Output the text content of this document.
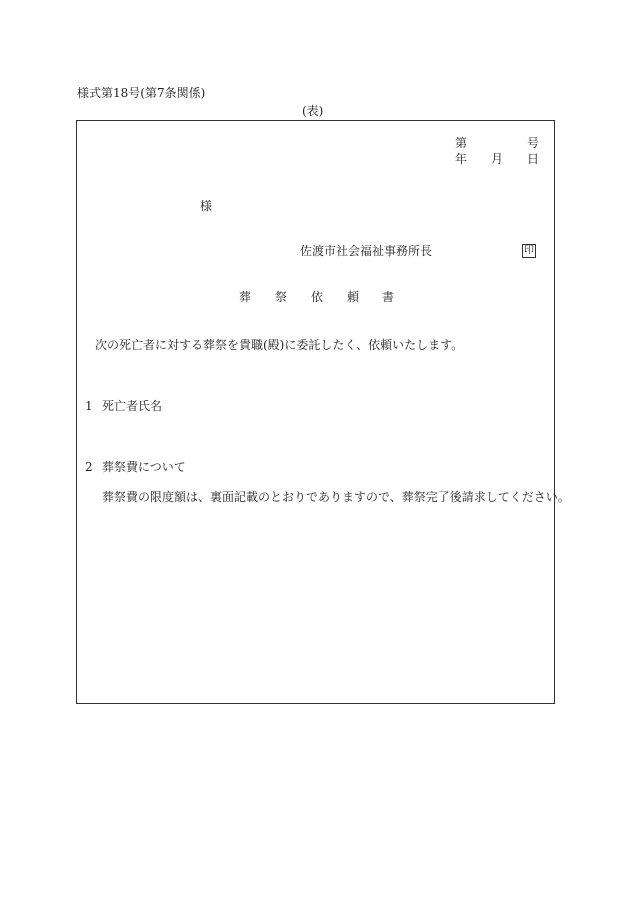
様式第18号(第7条関係)
(表)
第	号
年 月 日
様
佐渡市社会福祉事務所長	印
葬 祭 依 頼 書
次の死亡者に対する葬祭を貴職(殿)に委託したく、依頼いたします。
1 死亡者氏名
2 葬祭費について
葬祭費の限度額は、裏面記載のとおりでありますので、葬祭完了後請求してください。
